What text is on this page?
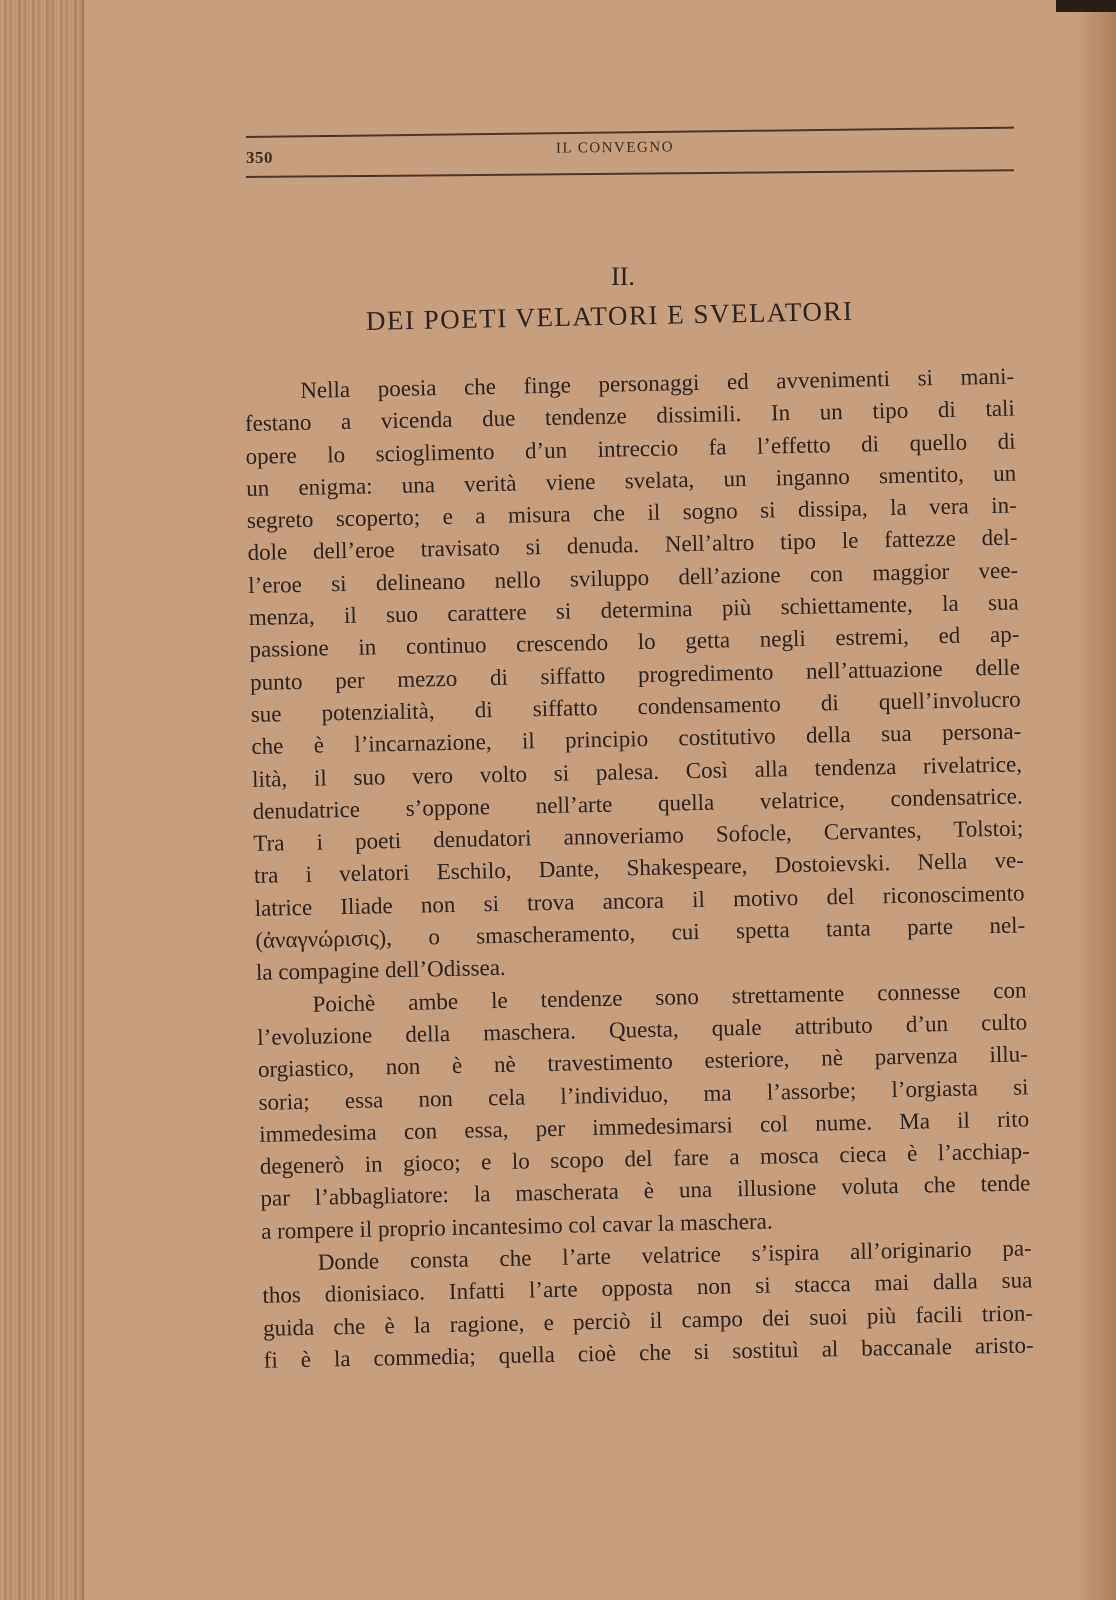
350	IL CONVEGNO
II.
DEI POETI VELATORI E SVELATORI
Nella poesia che finge personaggi ed avvenimenti si mani-
festano a vicenda due tendenze dissimili. In un tipo di tali
opere lo scioglimento d’un intreccio fa l’effetto di quello di
un enigma: una verità viene svelata, un inganno smentito, un
segreto scoperto; e a misura che il sogno si dissipa, la vera in-
dole dell’eroe travisato si denuda. Nell’altro tipo le fattezze del-
l’eroe si delineano nello sviluppo dell’azione con maggior vee-
menza, il suo carattere si determina più schiettamente, la sua
passione in continuo crescendo lo getta negli estremi, ed ap-
punto per mezzo di siffatto progredimento nell’attuazione delle
sue potenzialità, di siffatto condensamento di quell’involucro
che è l’incarnazione, il principio costitutivo della sua persona-
lità, il suo vero volto si palesa. Così alla tendenza rivelatrice,
denudatrice s’oppone nell’arte quella velatrice, condensatrice.
Tra i poeti denudatori annoveriamo Sofocle, Cervantes, Tolstoi;
tra i velatori Eschilo, Dante, Shakespeare, Dostoievski. Nella ve-
latrice Iliade non si trova ancora il motivo del riconoscimento
(ἀναγνώρισις), o smascheramento, cui spetta tanta parte nel-
la compagine dell’Odissea.
Poichè ambe le tendenze sono strettamente connesse con
l’evoluzione della maschera. Questa, quale attributo d’un culto
orgiastico, non è nè travestimento esteriore, nè parvenza illu-
soria; essa non cela l’individuo, ma l’assorbe; l’orgiasta si
immedesima con essa, per immedesimarsi col nume. Ma il rito
degenerò in gioco; e lo scopo del fare a mosca cieca è l’acchiap-
par l’abbagliatore: la mascherata è una illusione voluta che tende
a rompere il proprio incantesimo col cavar la maschera.
Donde consta che l’arte velatrice s’ispira all’originario pa-
thos dionisiaco. Infatti l’arte opposta non si stacca mai dalla sua
guida che è la ragione, e perciò il campo dei suoi più facili trion-
fi è la commedia; quella cioè che si sostituì al baccanale aristo-
